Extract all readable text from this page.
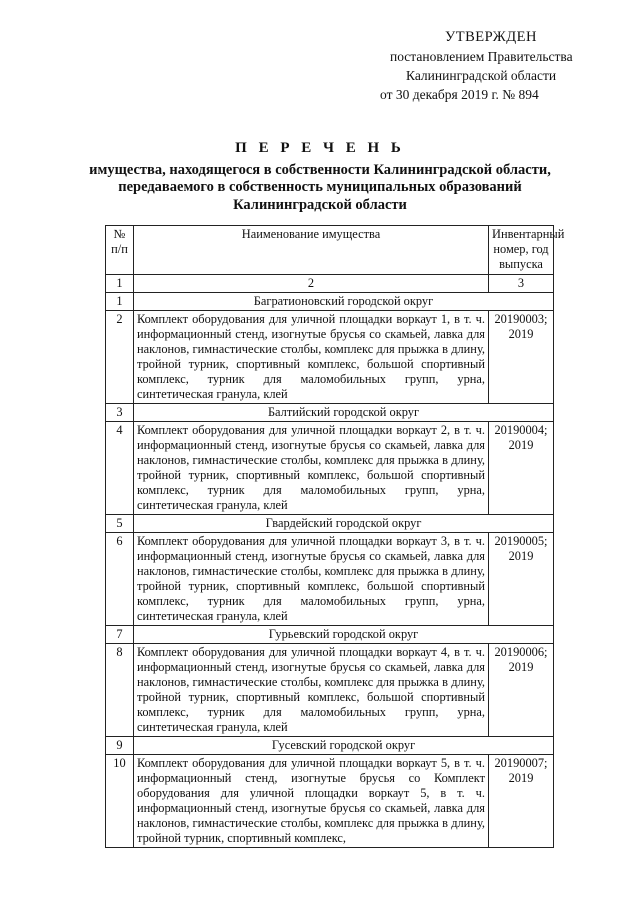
УТВЕРЖДЕН
постановлением Правительства
Калининградской области
от 30 декабря 2019 г. № 894
П Е Р Е Ч Е Н Ь
имущества, находящегося в собственности Калининградской области,
передаваемого в собственность муниципальных образований
Калининградской области
№ п/п	Наименование имущества	Инвентарный номер, год выпуска
1	2	3
1	Багратионовский городской округ	
2	Комплект оборудования для уличной площадки воркаут 1, в т. ч. информационный стенд, изогнутые брусья со скамьей, лавка для наклонов, гимнастические столбы, комплекс для прыжка в длину, тройной турник, спортивный комплекс, большой спортивный комплекс, турник для маломобильных групп, урна, синтетическая гранула, клей	20190003; 2019
3	Балтийский городской округ	
4	Комплект оборудования для уличной площадки воркаут 2, в т. ч. информационный стенд, изогнутые брусья со скамьей, лавка для наклонов, гимнастические столбы, комплекс для прыжка в длину, тройной турник, спортивный комплекс, большой спортивный комплекс, турник для маломобильных групп, урна, синтетическая гранула, клей	20190004; 2019
5	Гвардейский городской округ	
6	Комплект оборудования для уличной площадки воркаут 3, в т. ч. информационный стенд, изогнутые брусья со скамьей, лавка для наклонов, гимнастические столбы, комплекс для прыжка в длину, тройной турник, спортивный комплекс, большой спортивный комплекс, турник для маломобильных групп, урна, синтетическая гранула, клей	20190005; 2019
7	Гурьевский городской округ	
8	Комплект оборудования для уличной площадки воркаут 4, в т. ч. информационный стенд, изогнутые брусья со скамьей, лавка для наклонов, гимнастические столбы, комплекс для прыжка в длину, тройной турник, спортивный комплекс, большой спортивный комплекс, турник для маломобильных групп, урна, синтетическая гранула, клей	20190006; 2019
9	Гусевский городской округ	
10	Комплект оборудования для уличной площадки воркаут 5, в т. ч. информационный стенд, изогнутые брусья со Комплект оборудования для уличной площадки воркаут 5, в т. ч. информационный стенд, изогнутые брусья со скамьей, лавка для наклонов, гимнастические столбы, комплекс для прыжка в длину, тройной турник, спортивный комплекс,	20190007; 2019
